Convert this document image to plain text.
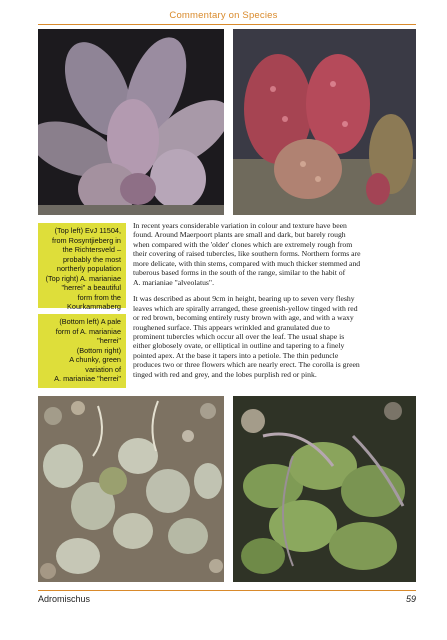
Commentary on Species
(Top left) EvJ 11504,
from Rosyntjieberg in
the Richtersveld –
probably the most
northerly population
(Top right) A. marianiae
"herrei" a beautiful
form from the
Kourkammaberg
(Bottom left) A pale
form of A. marianiae
"herrei"
(Bottom right)
A chunky, green
variation of
A. marianiae "herrei"

In recent years considerable variation in colour and texture have been
found. Around Maerpoort plants are small and dark, but barely rough
when compared with the 'older' clones which are extremely rough from
their covering of raised tubercles, like southern forms. Northern forms are
more delicate, with thin stems, compared with much thicker stemmed and
tuberous based forms in the south of the range, similar to the habit of
A. marianiae "alveolatus".

It was described as about 9cm in height, bearing up to seven very fleshy
leaves which are spirally arranged, these greenish-yellow tinged with red
or red brown, becoming entirely rusty brown with age, and with a waxy
roughened surface. This appears wrinkled and granulated due to
prominent tubercles which occur all over the leaf. The usual shape is
either globosely ovate, or elliptical in outline and tapering to a finely
pointed apex. At the base it tapers into a petiole. The thin peduncle
produces two or three flowers which are nearly erect. The corolla is green
tinged with red and grey, and the lobes purplish red or pink.

Adromischus	59
